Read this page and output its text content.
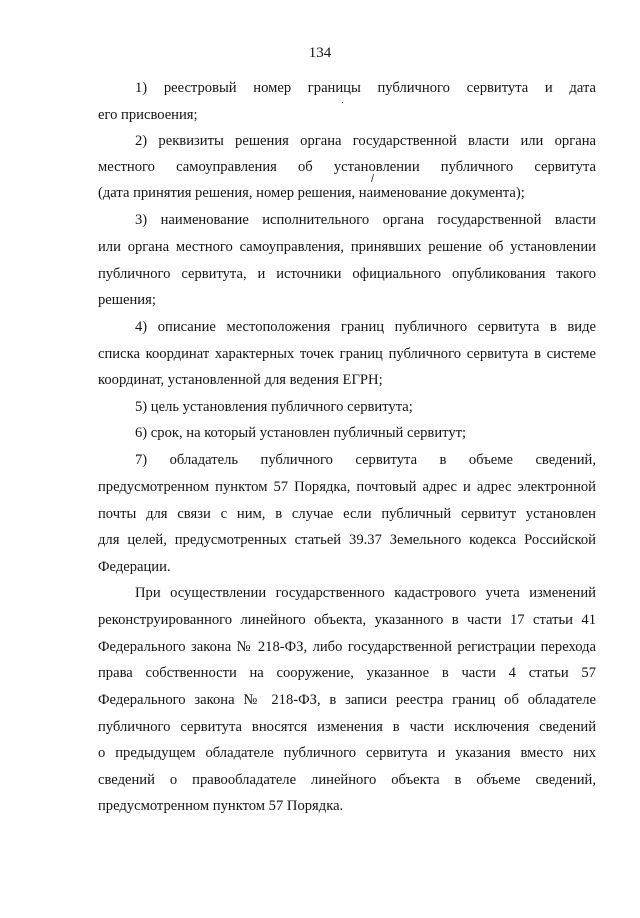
134
1) реестровый номер границы публичного сервитута и дата
его присвоения;
2) реквизиты решения органа государственной власти или органа
местного самоуправления об установлении публичного сервитута
(дата принятия решения, номер решения, наименование документа);
3) наименование исполнительного органа государственной власти
или органа местного самоуправления, принявших решение об установлении
публичного сервитута, и источники официального опубликования такого
решения;
4) описание местоположения границ публичного сервитута в виде
списка координат характерных точек границ публичного сервитута в системе
координат, установленной для ведения ЕГРН;
5) цель установления публичного сервитута;
6) срок, на который установлен публичный сервитут;
7) обладатель публичного сервитута в объеме сведений,
предусмотренном пунктом 57 Порядка, почтовый адрес и адрес электронной
почты для связи с ним, в случае если публичный сервитут установлен
для целей, предусмотренных статьей 39.37 Земельного кодекса Российской
Федерации.
При осуществлении государственного кадастрового учета изменений
реконструированного линейного объекта, указанного в части 17 статьи 41
Федерального закона № 218-ФЗ, либо государственной регистрации перехода
права собственности на сооружение, указанное в части 4 статьи 57
Федерального закона № 218-ФЗ, в записи реестра границ об обладателе
публичного сервитута вносятся изменения в части исключения сведений
о предыдущем обладателе публичного сервитута и указания вместо них
сведений о правообладателе линейного объекта в объеме сведений,
предусмотренном пунктом 57 Порядка.
·
/
